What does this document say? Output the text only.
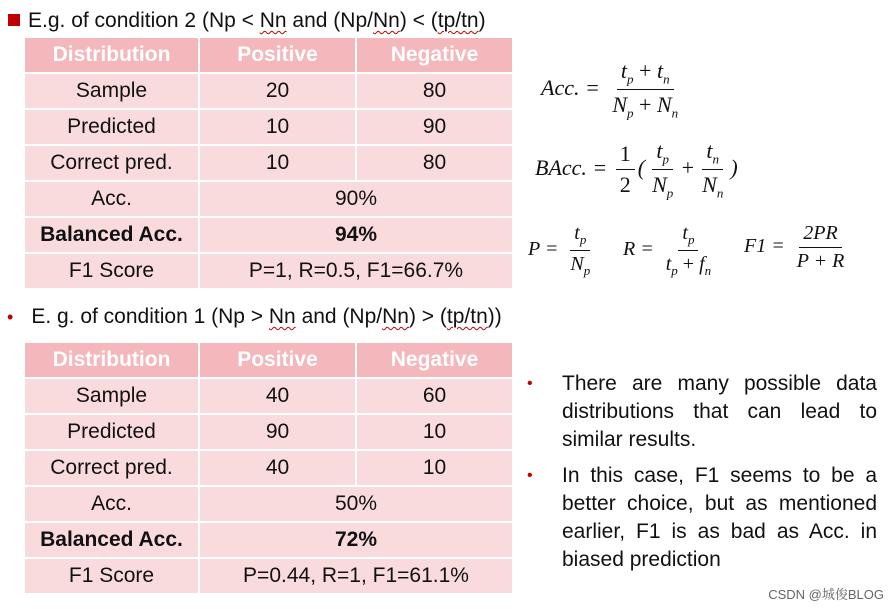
E.g. of condition 2 (Np < Nn and (Np/Nn) < (tp/tn)
Distribution	Positive	Negative
Sample	20	80
Predicted	10	90
Correct pred.	10	80
Acc.	90%	
Balanced Acc.	94%	
F1 Score	P=1, R=0.5, F1=66.7%	
• E. g. of condition 1 (Np > Nn and (Np/Nn) > (tp/tn))
Distribution	Positive	Negative
Sample	40	60
Predicted	90	10
Correct pred.	40	10
Acc.	50%	
Balanced Acc.	72%	
F1 Score	P=0.44, R=1, F1=61.1%	
Acc. = $\frac{t_p + t_n}{N_p + N_n}$
BAcc. = $\frac{1}{2}$ ( $\frac{t_p}{N_p} + \frac{t_n}{N_n}$ )
$P = \frac{t_p}{N_p}$ $R = \frac{t_p}{t_p + f_n} F1 = \frac{2PR}{P + R}$
•	There are many possible data distributions that can lead to similar results.
•	In this case, F1 seems to be a better choice, but as mentioned earlier, F1 is as bad as Acc. in biased prediction
CSDN @城俊BLOG
